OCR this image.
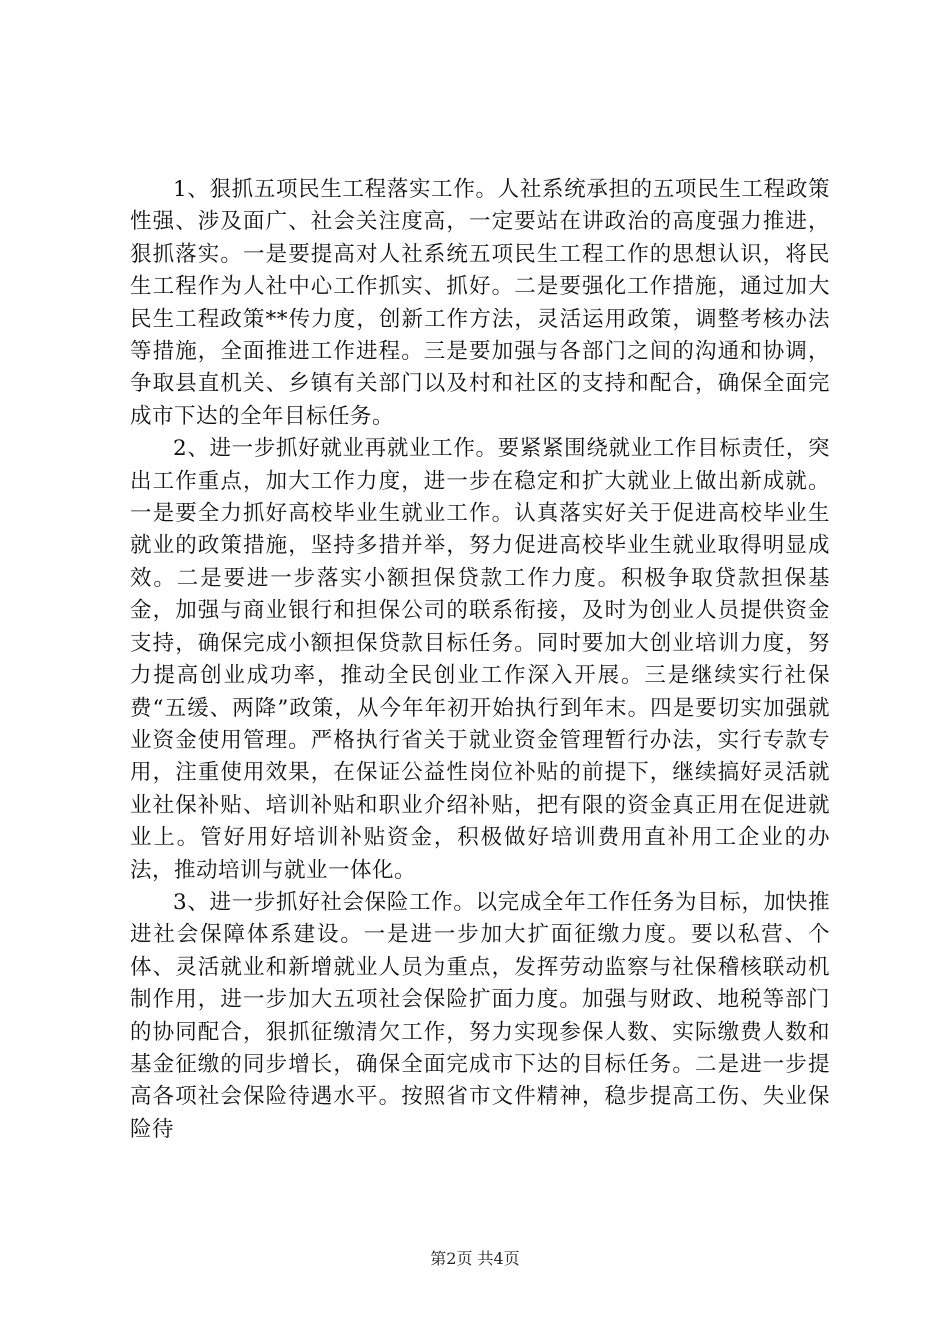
1、狠抓五项民生工程落实工作。人社系统承担的五项民生工程政策性强、涉及面广、社会关注度高，一定要站在讲政治的高度强力推进，狠抓落实。一是要提高对人社系统五项民生工程工作的思想认识，将民生工程作为人社中心工作抓实、抓好。二是要强化工作措施，通过加大民生工程政策**传力度，创新工作方法，灵活运用政策，调整考核办法等措施，全面推进工作进程。三是要加强与各部门之间的沟通和协调，争取县直机关、乡镇有关部门以及村和社区的支持和配合，确保全面完成市下达的全年目标任务。

2、进一步抓好就业再就业工作。要紧紧围绕就业工作目标责任，突出工作重点，加大工作力度，进一步在稳定和扩大就业上做出新成就。一是要全力抓好高校毕业生就业工作。认真落实好关于促进高校毕业生就业的政策措施，坚持多措并举，努力促进高校毕业生就业取得明显成效。二是要进一步落实小额担保贷款工作力度。积极争取贷款担保基金，加强与商业银行和担保公司的联系衔接，及时为创业人员提供资金支持，确保完成小额担保贷款目标任务。同时要加大创业培训力度，努力提高创业成功率，推动全民创业工作深入开展。三是继续实行社保费“五缓、两降”政策，从今年年初开始执行到年末。四是要切实加强就业资金使用管理。严格执行省关于就业资金管理暂行办法，实行专款专用，注重使用效果，在保证公益性岗位补贴的前提下，继续搞好灵活就业社保补贴、培训补贴和职业介绍补贴，把有限的资金真正用在促进就业上。管好用好培训补贴资金，积极做好培训费用直补用工企业的办法，推动培训与就业一体化。

3、进一步抓好社会保险工作。以完成全年工作任务为目标，加快推进社会保障体系建设。一是进一步加大扩面征缴力度。要以私营、个体、灵活就业和新增就业人员为重点，发挥劳动监察与社保稽核联动机制作用，进一步加大五项社会保险扩面力度。加强与财政、地税等部门的协同配合，狠抓征缴清欠工作，努力实现参保人数、实际缴费人数和基金征缴的同步增长，确保全面完成市下达的目标任务。二是进一步提高各项社会保险待遇水平。按照省市文件精神，稳步提高工伤、失业保险待

第2页 共4页
